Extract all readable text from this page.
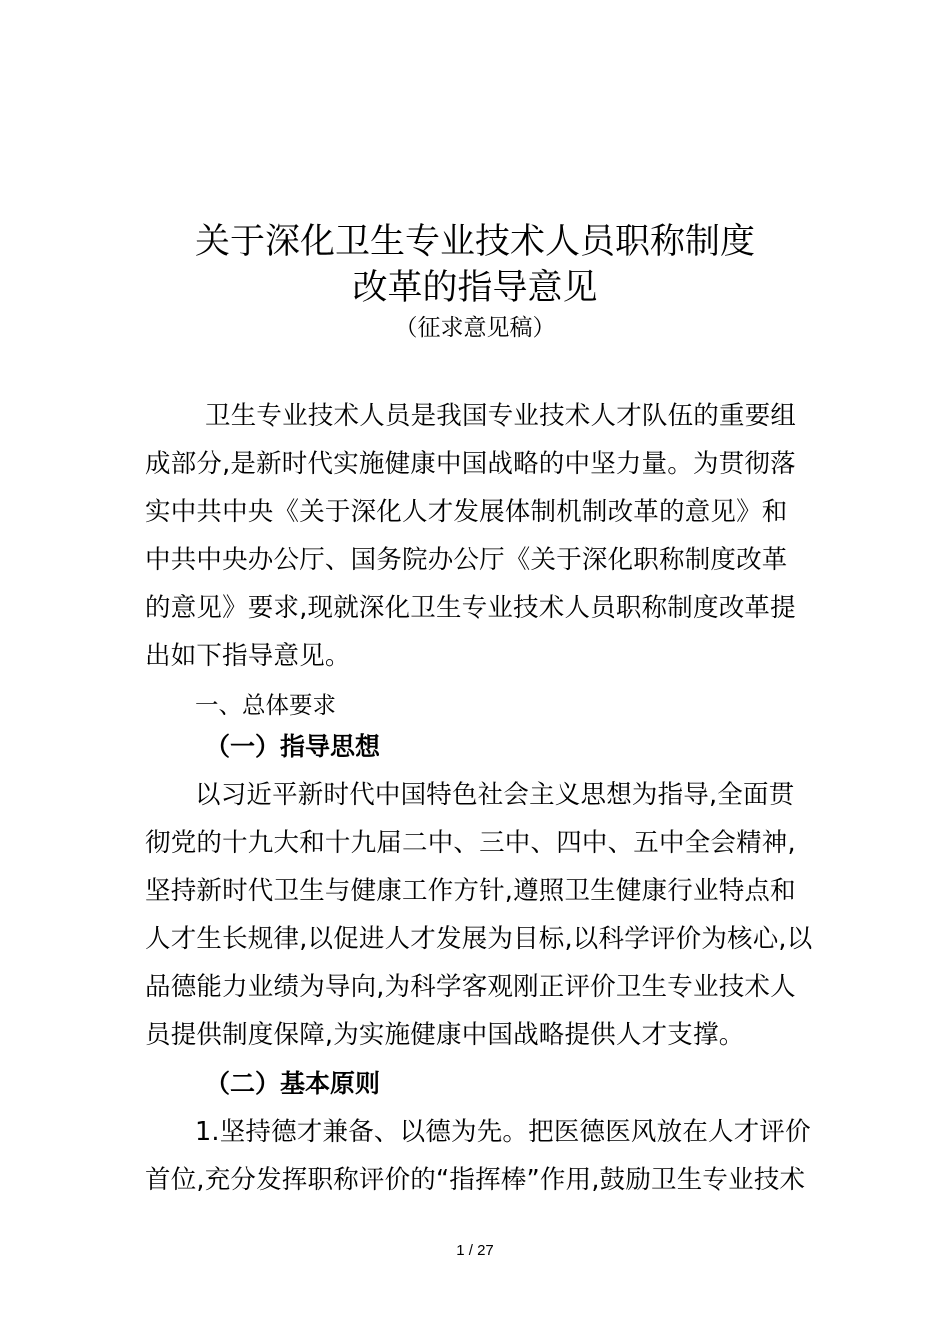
关于深化卫生专业技术人员职称制度
改革的指导意见
（征求意见稿）
卫生专业技术人员是我国专业技术人才队伍的重要组
成部分,是新时代实施健康中国战略的中坚力量。为贯彻落
实中共中央《关于深化人才发展体制机制改革的意见》和
中共中央办公厅、国务院办公厅《关于深化职称制度改革
的意见》要求,现就深化卫生专业技术人员职称制度改革提
出如下指导意见。
一、总体要求
（一）指导思想
以习近平新时代中国特色社会主义思想为指导,全面贯
彻党的十九大和十九届二中、三中、四中、五中全会精神,
坚持新时代卫生与健康工作方针,遵照卫生健康行业特点和
人才生长规律,以促进人才发展为目标,以科学评价为核心,以
品德能力业绩为导向,为科学客观刚正评价卫生专业技术人
员提供制度保障,为实施健康中国战略提供人才支撑。
（二）基本原则
1.坚持德才兼备、以德为先。把医德医风放在人才评价
首位,充分发挥职称评价的“指挥棒”作用,鼓励卫生专业技术
1 / 27
